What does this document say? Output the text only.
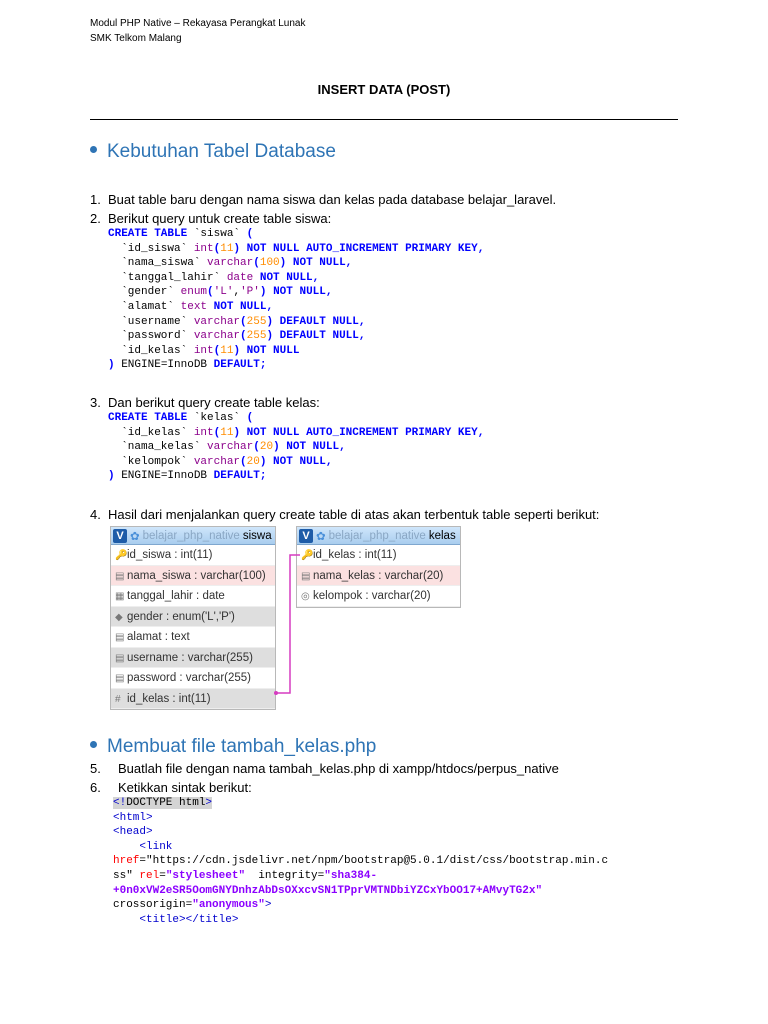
Modul PHP Native – Rekayasa Perangkat Lunak
SMK Telkom Malang
INSERT DATA (POST)
Kebutuhan Tabel Database
1. Buat table baru dengan nama siswa dan kelas pada database belajar_laravel.
2. Berikut query untuk create table siswa:
CREATE TABLE `siswa` (
`id_siswa` int(11) NOT NULL AUTO_INCREMENT PRIMARY KEY,
`nama_siswa` varchar(100) NOT NULL,
`tanggal_lahir` date NOT NULL,
`gender` enum('L','P') NOT NULL,
`alamat` text NOT NULL,
`username` varchar(255) DEFAULT NULL,
`password` varchar(255) DEFAULT NULL,
`id_kelas` int(11) NOT NULL
) ENGINE=InnoDB DEFAULT;
3. Dan berikut query create table kelas:
CREATE TABLE `kelas` (
`id_kelas` int(11) NOT NULL AUTO_INCREMENT PRIMARY KEY,
`nama_kelas` varchar(20) NOT NULL,
`kelompok` varchar(20) NOT NULL,
) ENGINE=InnoDB DEFAULT;
4. Hasil dari menjalankan query create table di atas akan terbentuk table seperti berikut:
V ✿ belajar_php_native siswa
🔑id_siswa : int(11)
▤ nama_siswa : varchar(100)
▦ tanggal_lahir : date
◆ gender : enum('L','P')
▤ alamat : text
▤ username : varchar(255)
▤ password : varchar(255)
# id_kelas : int(11)
V ✿ belajar_php_native kelas
🔑id_kelas : int(11)
▤ nama_kelas : varchar(20)
◎ kelompok : varchar(20)
Membuat file tambah_kelas.php
5. Buatlah file dengan nama tambah_kelas.php di xampp/htdocs/perpus_native
6. Ketikkan sintak berikut:
<!DOCTYPE html>
<html>
<head>
<link
href="https://cdn.jsdelivr.net/npm/bootstrap@5.0.1/dist/css/bootstrap.min.c
ss" rel="stylesheet"  integrity="sha384-
+0n0xVW2eSR5OomGNYDnhzAbDsOXxcvSN1TPprVMTNDbiYZCxYbOO17+AMvyTG2x"
crossorigin="anonymous">
<title></title>
